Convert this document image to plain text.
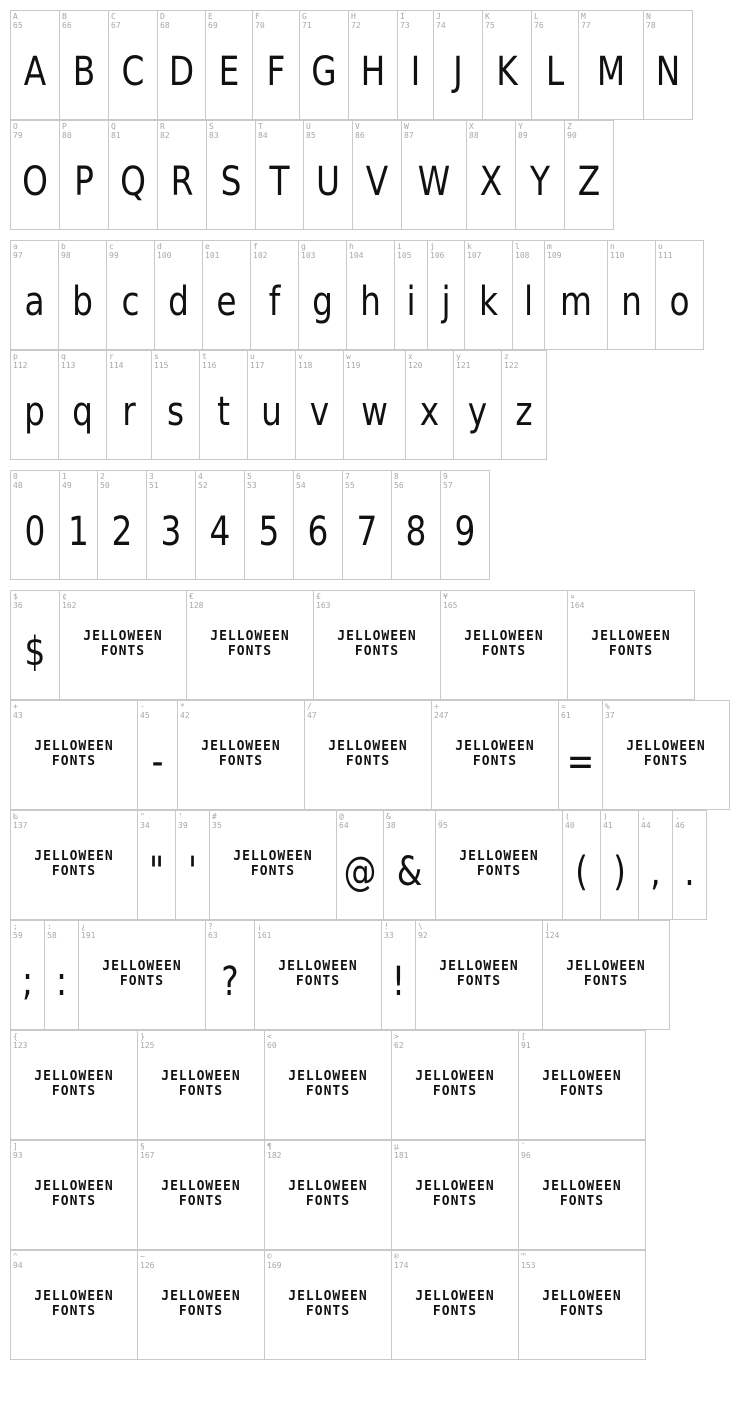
A
65
A
B
66
B
C
67
C
D
68
D
E
69
E
F
70
F
G
71
G
H
72
H
I
73
I
J
74
J
K
75
K
L
76
L
M
77
M
N
78
N
O
79
O
P
80
P
Q
81
Q
R
82
R
S
83
S
T
84
T
U
85
U
V
86
V
W
87
W
X
88
X
Y
89
Y
Z
90
Z
a
97
a
b
98
b
c
99
c
d
100
d
e
101
e
f
102
f
g
103
g
h
104
h
i
105
i
j
106
j
k
107
k
l
108
l
m
109
m
n
110
n
o
111
o
p
112
p
q
113
q
r
114
r
s
115
s
t
116
t
u
117
u
v
118
v
w
119
w
x
120
x
y
121
y
z
122
z
0
48
0
1
49
1
2
50
2
3
51
3
4
52
4
5
53
5
6
54
6
7
55
7
8
56
8
9
57
9
$
36
$
¢
162
JELLOWEEN
FONTS
€
128
JELLOWEEN
FONTS
£
163
JELLOWEEN
FONTS
¥
165
JELLOWEEN
FONTS
¤
164
JELLOWEEN
FONTS
+
43
JELLOWEEN
FONTS
-
45
-
*
42
JELLOWEEN
FONTS
/
47
JELLOWEEN
FONTS
÷
247
JELLOWEEN
FONTS
=
61
=
%
37
JELLOWEEN
FONTS
‰
137
JELLOWEEN
FONTS
"
34
"
'
39
'
#
35
JELLOWEEN
FONTS
@
64
@
&
38
&
_
95
JELLOWEEN
FONTS
(
40
(
)
41
)
,
44
,
.
46
.
;
59
;
:
58
:
¿
191
JELLOWEEN
FONTS
?
63
?
¡
161
JELLOWEEN
FONTS
!
33
!
\
92
JELLOWEEN
FONTS
|
124
JELLOWEEN
FONTS
{
123
JELLOWEEN
FONTS
}
125
JELLOWEEN
FONTS
<
60
JELLOWEEN
FONTS
>
62
JELLOWEEN
FONTS
[
91
JELLOWEEN
FONTS
]
93
JELLOWEEN
FONTS
§
167
JELLOWEEN
FONTS
¶
182
JELLOWEEN
FONTS
µ
181
JELLOWEEN
FONTS
`
96
JELLOWEEN
FONTS
^
94
JELLOWEEN
FONTS
~
126
JELLOWEEN
FONTS
©
169
JELLOWEEN
FONTS
®
174
JELLOWEEN
FONTS
™
153
JELLOWEEN
FONTS
